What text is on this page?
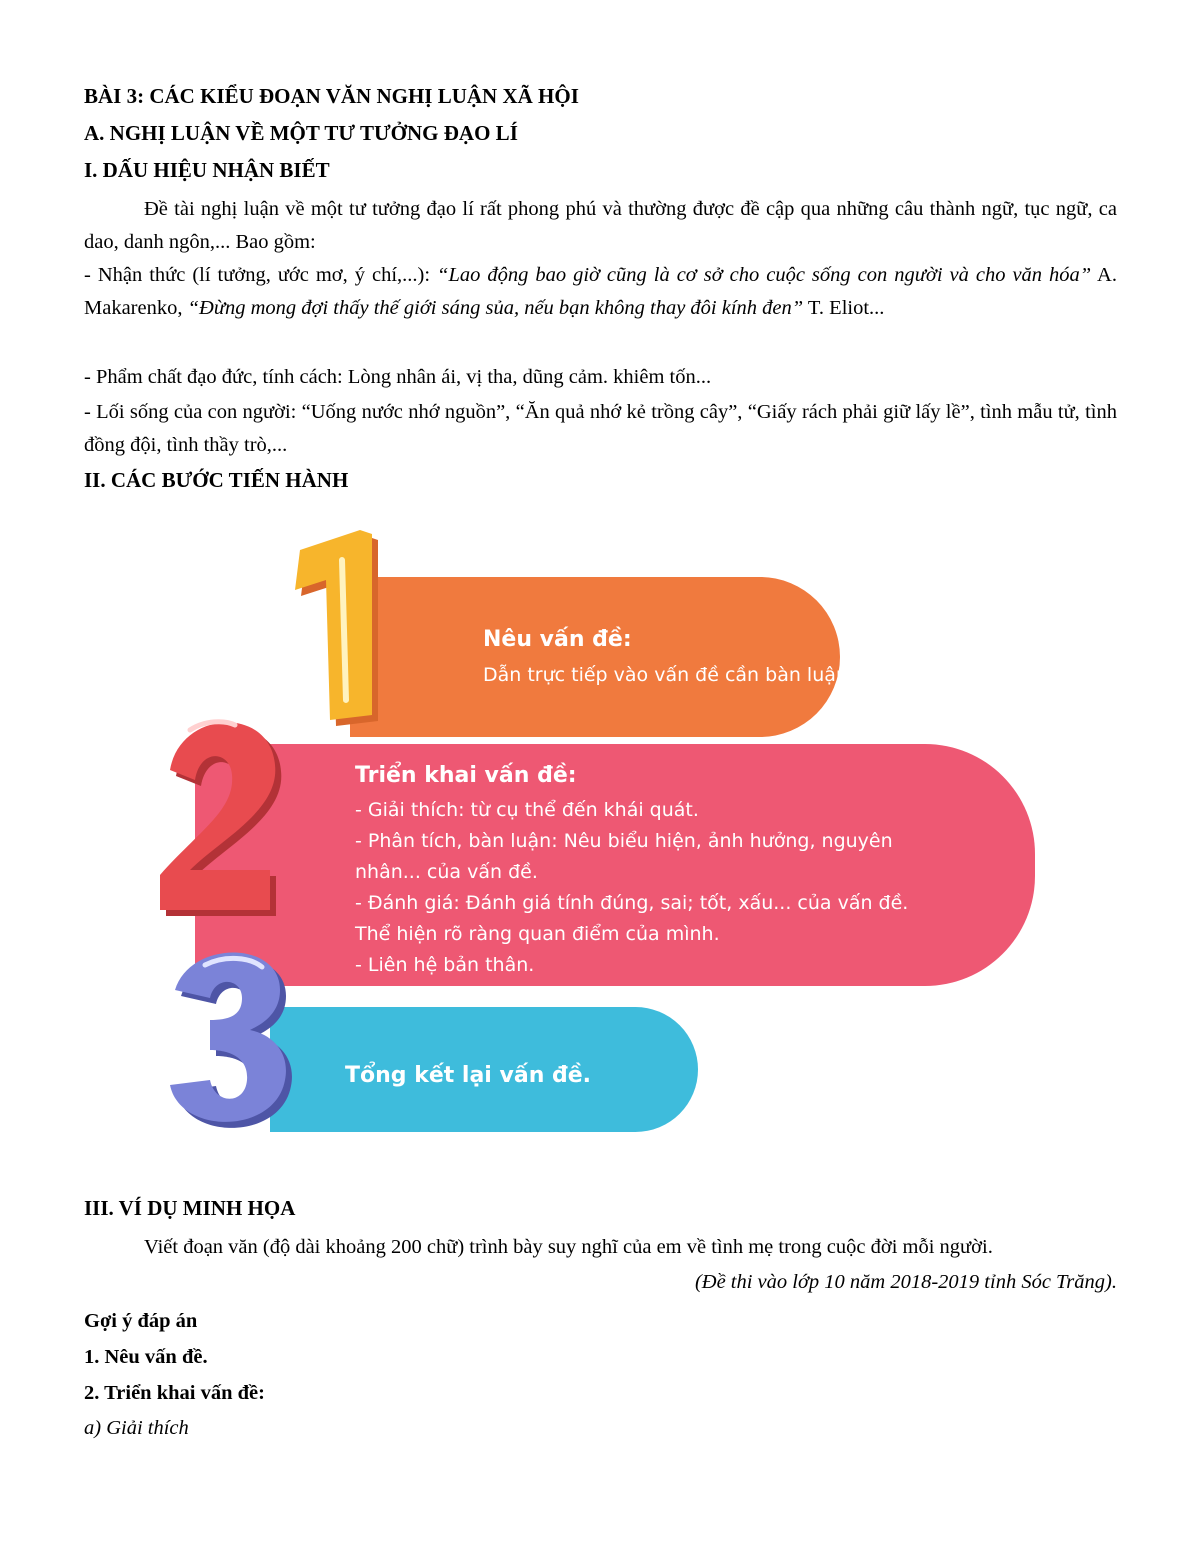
BÀI 3: CÁC KIỂU ĐOẠN VĂN NGHỊ LUẬN XÃ HỘI
A. NGHỊ LUẬN VỀ MỘT TƯ TƯỞNG ĐẠO LÍ
I. DẤU HIỆU NHẬN BIẾT
Đề tài nghị luận về một tư tưởng đạo lí rất phong phú và thường được đề cập qua những câu thành ngữ, tục ngữ, ca dao, danh ngôn,... Bao gồm:
- Nhận thức (lí tưởng, ước mơ, ý chí,...): “Lao động bao giờ cũng là cơ sở cho cuộc sống con người và cho văn hóa” A. Makarenko, “Đừng mong đợi thấy thế giới sáng sủa, nếu bạn không thay đôi kính đen” T. Eliot...
- Phẩm chất đạo đức, tính cách: Lòng nhân ái, vị tha, dũng cảm. khiêm tốn...
- Lối sống của con người: “Uống nước nhớ nguồn”, “Ăn quả nhớ kẻ trồng cây”, “Giấy rách phải giữ lấy lề”, tình mẫu tử, tình đồng đội, tình thầy trò,...
II. CÁC BƯỚC TIẾN HÀNH
Nêu vấn đề:
Dẫn trực tiếp vào vấn đề cần bàn luận.
Triển khai vấn đề:
- Giải thích: từ cụ thể đến khái quát.
- Phân tích, bàn luận: Nêu biểu hiện, ảnh hưởng, nguyên
nhân... của vấn đề.
- Đánh giá: Đánh giá tính đúng, sai; tốt, xấu... của vấn đề.
Thể hiện rõ ràng quan điểm của mình.
- Liên hệ bản thân.
Tổng kết lại vấn đề.
III. VÍ DỤ MINH HỌA
Viết đoạn văn (độ dài khoảng 200 chữ) trình bày suy nghĩ của em về tình mẹ trong cuộc đời mỗi người.
(Đề thi vào lớp 10 năm 2018-2019 tỉnh Sóc Trăng).
Gợi ý đáp án
1. Nêu vấn đề.
2. Triển khai vấn đề:
a) Giải thích
